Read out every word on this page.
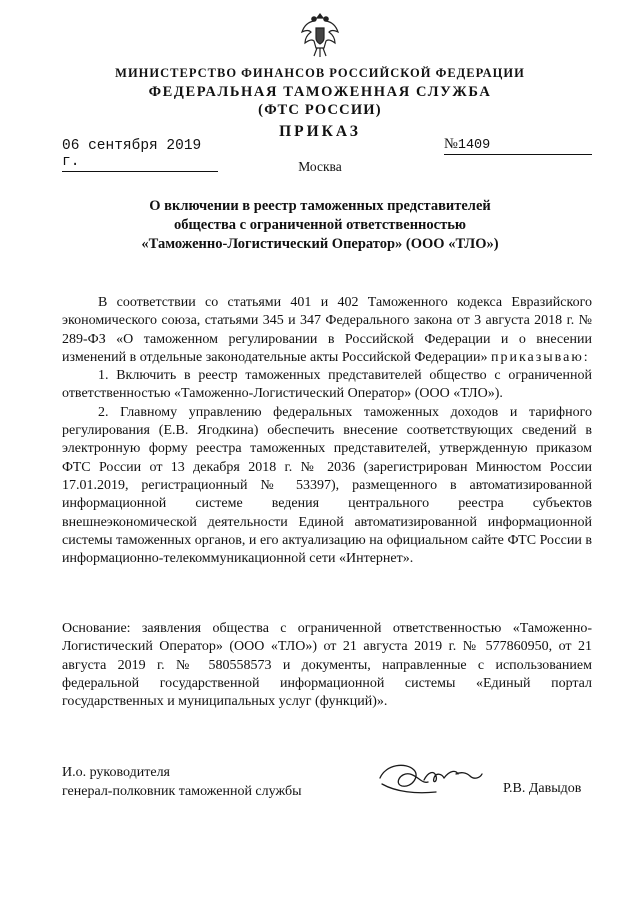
МИНИСТЕРСТВО ФИНАНСОВ РОССИЙСКОЙ ФЕДЕРАЦИИ
ФЕДЕРАЛЬНАЯ ТАМОЖЕННАЯ СЛУЖБА
(ФТС РОССИИ)
ПРИКАЗ
06 сентября 2019 г.
№1409
Москва
О включении в реестр таможенных представителей
общества с ограниченной ответственностью
«Таможенно-Логистический Оператор» (ООО «ТЛО»)

В соответствии со статьями 401 и 402 Таможенного кодекса Евразийского экономического союза, статьями 345 и 347 Федерального закона от 3 августа 2018 г. № 289-ФЗ «О таможенном регулировании в Российской Федерации и о внесении изменений в отдельные законодательные акты Российской Федерации» приказываю:

1. Включить в реестр таможенных представителей общество с ограниченной ответственностью «Таможенно-Логистический Оператор» (ООО «ТЛО»).

2. Главному управлению федеральных таможенных доходов и тарифного регулирования (Е.В. Ягодкина) обеспечить внесение соответствующих сведений в электронную форму реестра таможенных представителей, утвержденную приказом ФТС России от 13 декабря 2018 г. № 2036 (зарегистрирован Минюстом России 17.01.2019, регистрационный № 53397), размещенного в автоматизированной информационной системе ведения центрального реестра субъектов внешнеэкономической деятельности Единой автоматизированной информационной системы таможенных органов, и его актуализацию на официальном сайте ФТС России в информационно-телекоммуникационной сети «Интернет».

Основание: заявления общества с ограниченной ответственностью «Таможенно-Логистический Оператор» (ООО «ТЛО») от 21 августа 2019 г. № 577860950, от 21 августа 2019 г. № 580558573 и документы, направленные с использованием федеральной государственной информационной системы «Единый портал государственных и муниципальных услуг (функций)».

И.о. руководителя
генерал-полковник таможенной службы	Р.В. Давыдов
